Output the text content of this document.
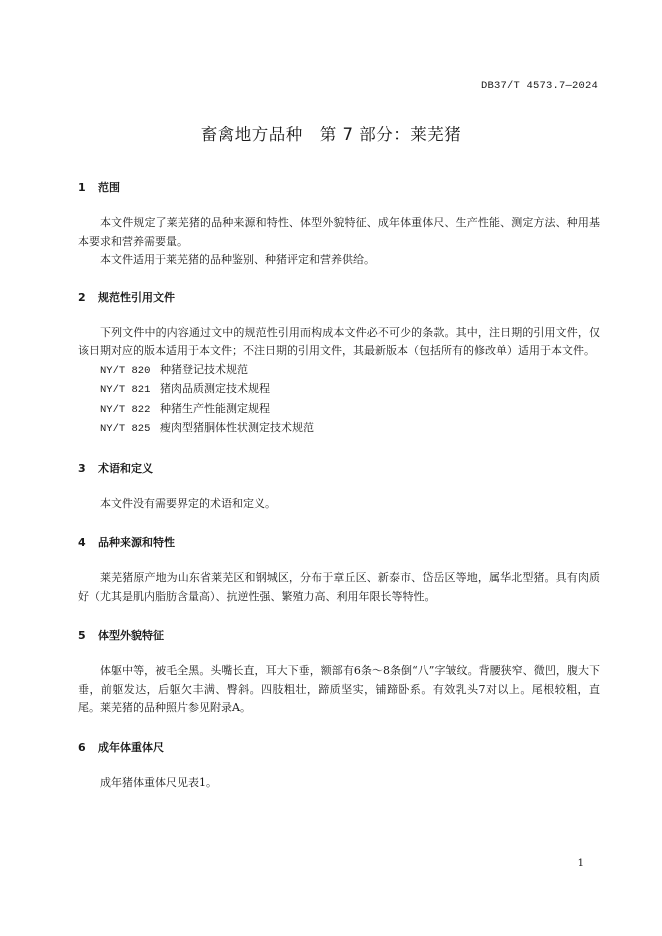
DB37/T 4573.7—2024
畜禽地方品种　第 7 部分：莱芜猪
1 范围

本文件规定了莱芜猪的品种来源和特性、体型外貌特征、成年体重体尺、生产性能、测定方法、种用基本要求和营养需要量。

本文件适用于莱芜猪的品种鉴别、种猪评定和营养供给。

2 规范性引用文件

下列文件中的内容通过文中的规范性引用而构成本文件必不可少的条款。其中，注日期的引用文件，仅该日期对应的版本适用于本文件；不注日期的引用文件，其最新版本（包括所有的修改单）适用于本文件。

NY/T 820 种猪登记技术规范
NY/T 821 猪肉品质测定技术规程
NY/T 822 种猪生产性能测定规程
NY/T 825 瘦肉型猪胴体性状测定技术规范
3 术语和定义

本文件没有需要界定的术语和定义。

4 品种来源和特性

莱芜猪原产地为山东省莱芜区和钢城区，分布于章丘区、新泰市、岱岳区等地，属华北型猪。具有肉质好（尤其是肌内脂肪含量高）、抗逆性强、繁殖力高、利用年限长等特性。

5 体型外貌特征

体躯中等，被毛全黑。头嘴长直，耳大下垂，额部有6条～8条倒“八”字皱纹。背腰狭窄、微凹，腹大下垂，前躯发达，后躯欠丰满、臀斜。四肢粗壮，蹄质坚实，铺蹄卧系。有效乳头7对以上。尾根较粗，直尾。莱芜猪的品种照片参见附录A。

6 成年体重体尺

成年猪体重体尺见表1。

1
